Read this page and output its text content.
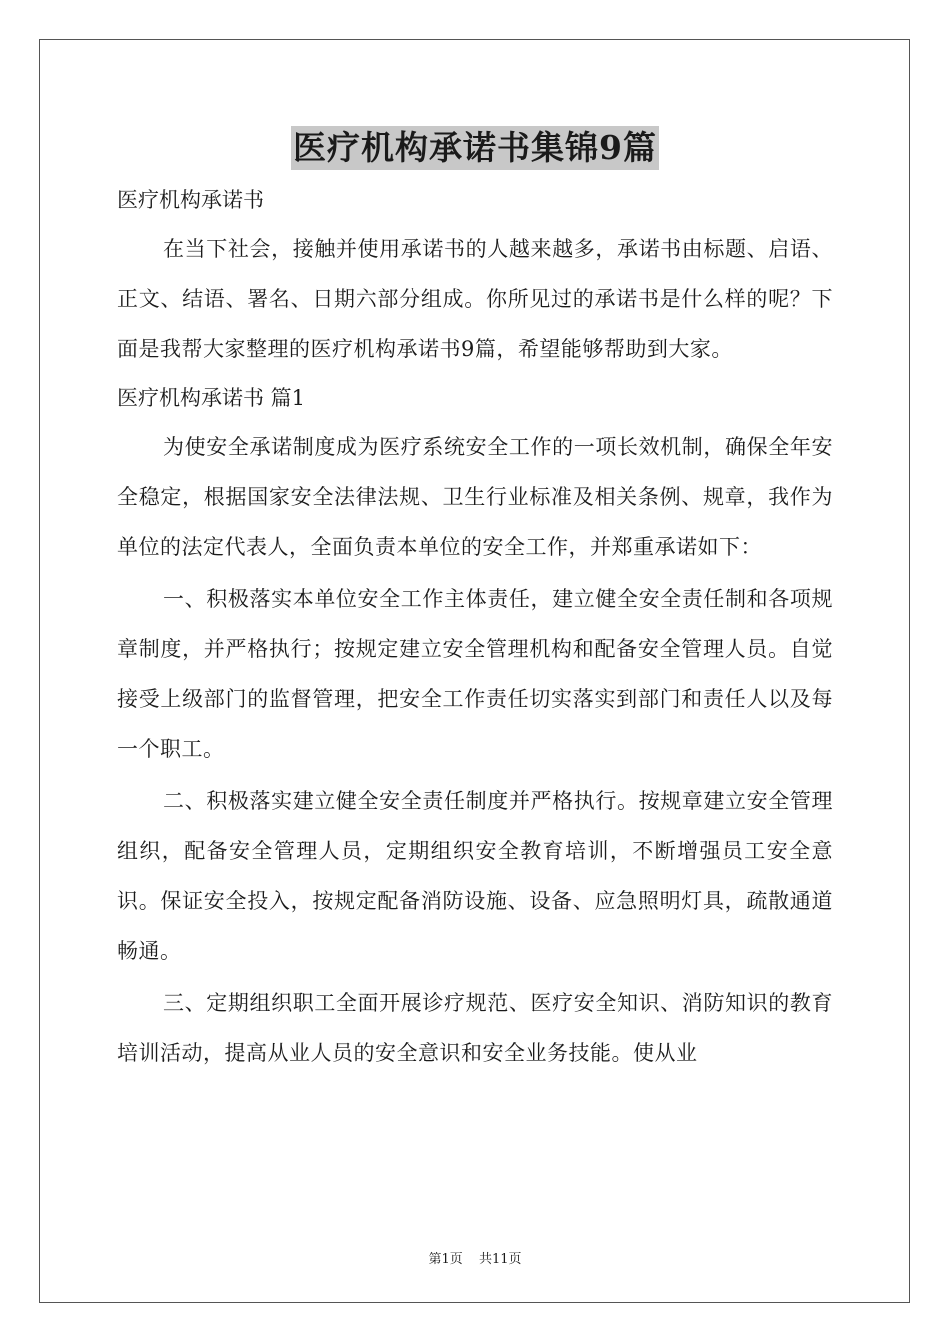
医疗机构承诺书集锦9篇
医疗机构承诺书

在当下社会，接触并使用承诺书的人越来越多，承诺书由标题、启语、正文、结语、署名、日期六部分组成。你所见过的承诺书是什么样的呢？下面是我帮大家整理的医疗机构承诺书9篇，希望能够帮助到大家。

医疗机构承诺书 篇1

为使安全承诺制度成为医疗系统安全工作的一项长效机制，确保全年安全稳定，根据国家安全法律法规、卫生行业标准及相关条例、规章，我作为单位的法定代表人，全面负责本单位的安全工作，并郑重承诺如下：

一、积极落实本单位安全工作主体责任，建立健全安全责任制和各项规章制度，并严格执行；按规定建立安全管理机构和配备安全管理人员。自觉接受上级部门的监督管理，把安全工作责任切实落实到部门和责任人以及每一个职工。

二、积极落实建立健全安全责任制度并严格执行。按规章建立安全管理组织，配备安全管理人员，定期组织安全教育培训，不断增强员工安全意识。保证安全投入，按规定配备消防设施、设备、应急照明灯具，疏散通道畅通。

三、定期组织职工全面开展诊疗规范、医疗安全知识、消防知识的教育培训活动，提高从业人员的安全意识和安全业务技能。使从业

第1页 共11页
